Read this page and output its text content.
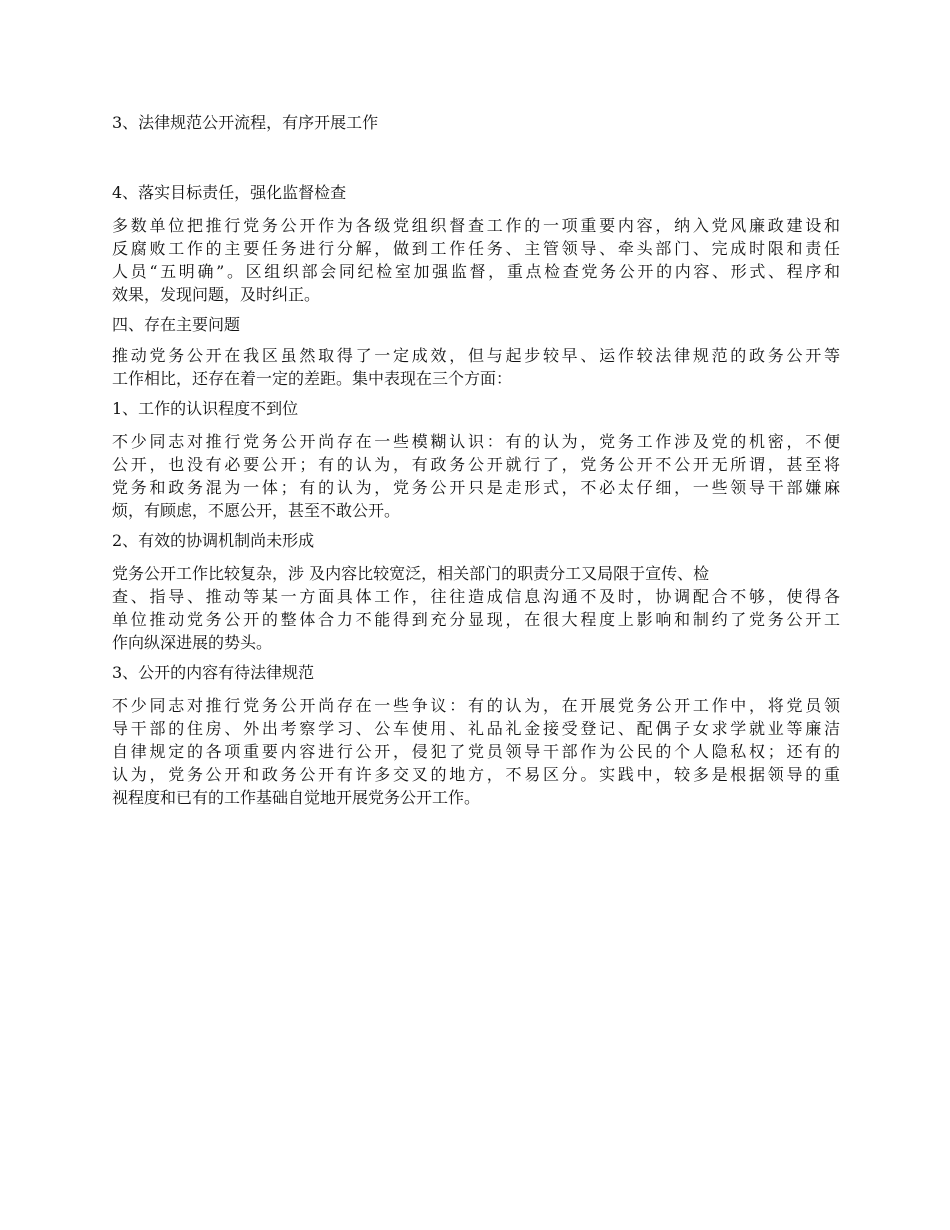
3、法律规范公开流程，有序开展工作
4、落实目标责任，强化监督检查

多数单位把推行党务公开作为各级党组织督查工作的一项重要内容，纳入党风廉政建设和
反腐败工作的主要任务进行分解，做到工作任务、主管领导、牵头部门、完成时限和责任
人员“五明确”。区组织部会同纪检室加强监督，重点检查党务公开的内容、形式、程序和
效果，发现问题，及时纠正。

四、存在主要问题

推动党务公开在我区虽然取得了一定成效，但与起步较早、运作较法律规范的政务公开等
工作相比，还存在着一定的差距。集中表现在三个方面：

1、工作的认识程度不到位

不少同志对推行党务公开尚存在一些模糊认识：有的认为，党务工作涉及党的机密，不便
公开，也没有必要公开；有的认为，有政务公开就行了，党务公开不公开无所谓，甚至将
党务和政务混为一体；有的认为，党务公开只是走形式，不必太仔细，一些领导干部嫌麻
烦，有顾虑，不愿公开，甚至不敢公开。

2、有效的协调机制尚未形成

党务公开工作比较复杂，涉 及内容比较宽泛，相关部门的职责分工又局限于宣传、检
查、指导、推动等某一方面具体工作，往往造成信息沟通不及时，协调配合不够，使得各
单位推动党务公开的整体合力不能得到充分显现，在很大程度上影响和制约了党务公开工
作向纵深进展的势头。

3、公开的内容有待法律规范

不少同志对推行党务公开尚存在一些争议：有的认为，在开展党务公开工作中，将党员领
导干部的住房、外出考察学习、公车使用、礼品礼金接受登记、配偶子女求学就业等廉洁
自律规定的各项重要内容进行公开，侵犯了党员领导干部作为公民的个人隐私权；还有的
认为，党务公开和政务公开有许多交叉的地方，不易区分。实践中，较多是根据领导的重
视程度和已有的工作基础自觉地开展党务公开工作。
